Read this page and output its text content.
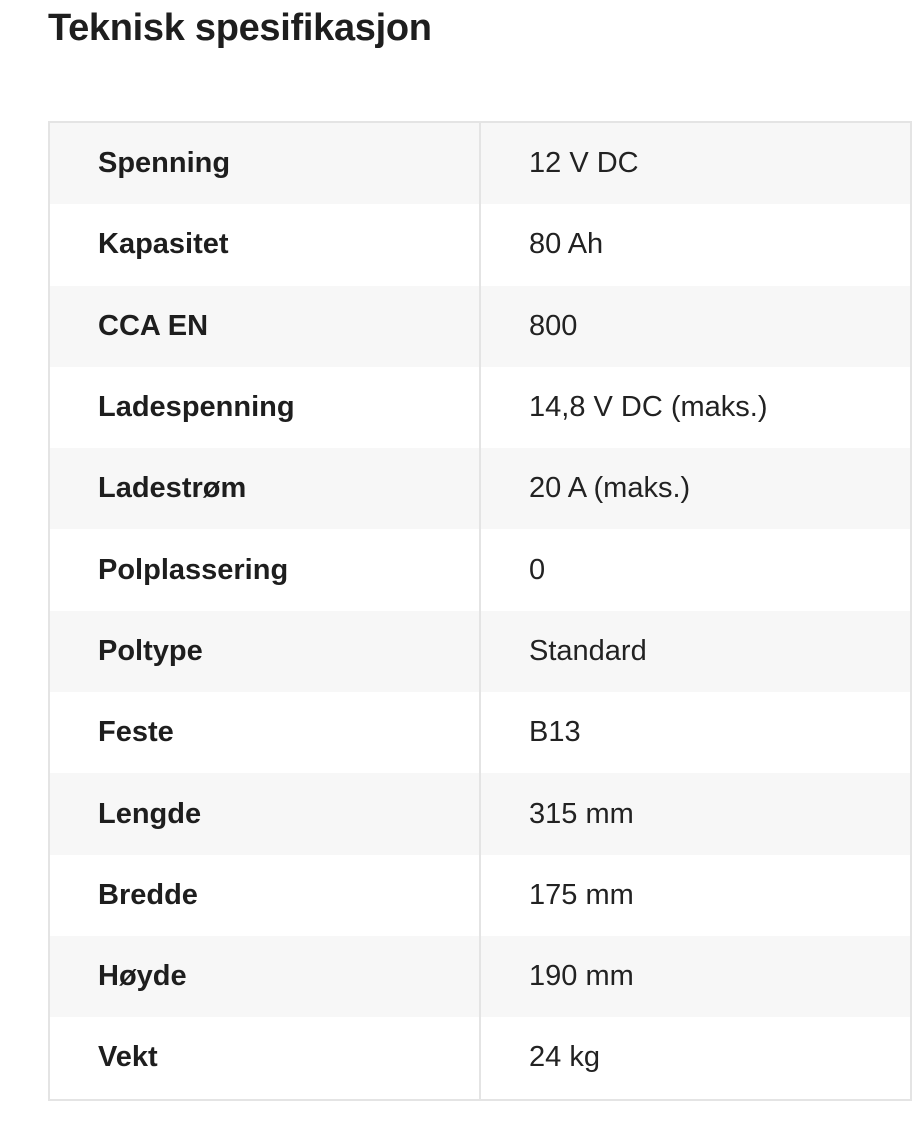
Teknisk spesifikasjon
Spenning	12 V DC
Kapasitet	80 Ah
CCA EN	800
Ladespenning	14,8 V DC (maks.)
Ladestrøm	20 A (maks.)
Polplassering	0
Poltype	Standard
Feste	B13
Lengde	315 mm
Bredde	175 mm
Høyde	190 mm
Vekt	24 kg
